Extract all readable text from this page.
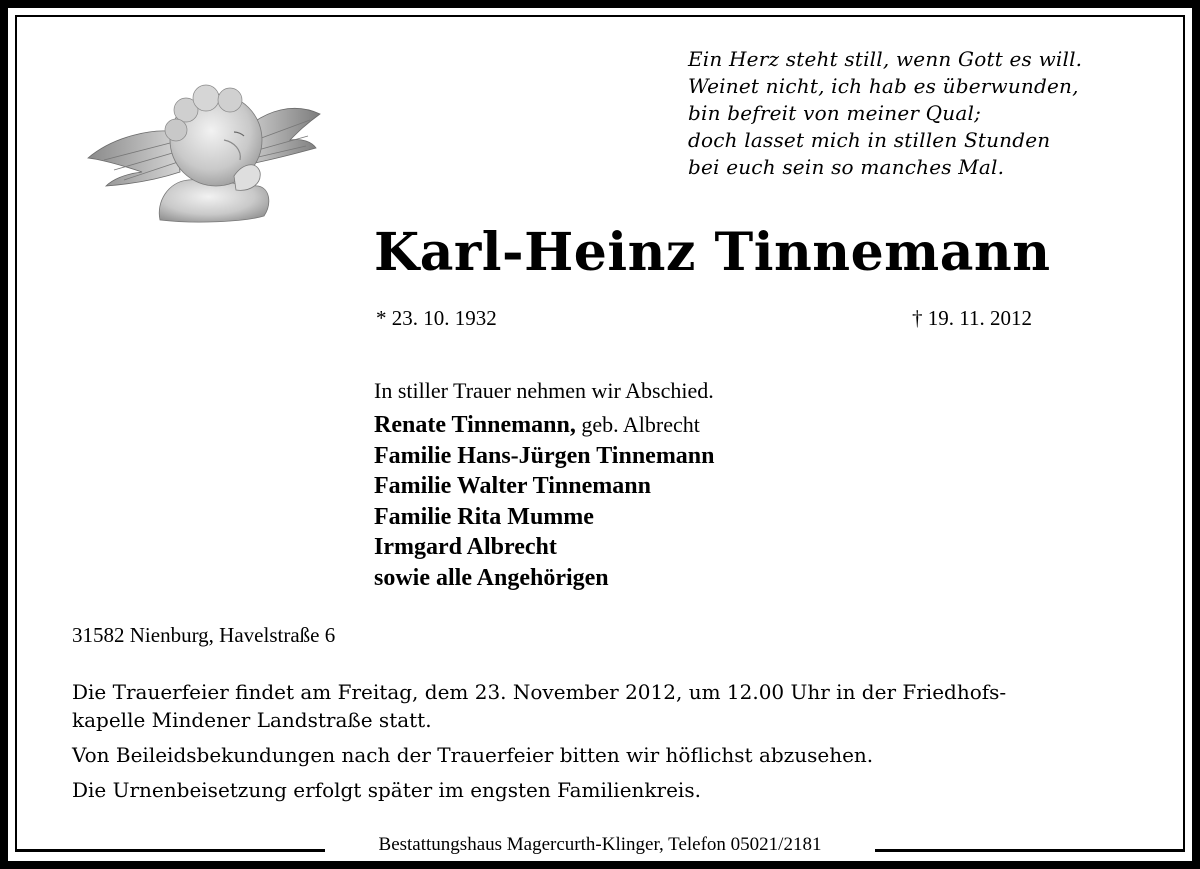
Ein Herz steht still, wenn Gott es will.
Weinet nicht, ich hab es überwunden,
bin befreit von meiner Qual;
doch lasset mich in stillen Stunden
bei euch sein so manches Mal.
Karl-Heinz Tinnemann
* 23. 10. 1932	† 19. 11. 2012
In stiller Trauer nehmen wir Abschied.
Renate Tinnemann, geb. Albrecht
Familie Hans-Jürgen Tinnemann
Familie Walter Tinnemann
Familie Rita Mumme
Irmgard Albrecht
sowie alle Angehörigen
31582 Nienburg, Havelstraße 6

Die Trauerfeier findet am Freitag, dem 23. November 2012, um 12.00 Uhr in der Friedhofs-
kapelle Mindener Landstraße statt.

Von Beileidsbekundungen nach der Trauerfeier bitten wir höflichst abzusehen.

Die Urnenbeisetzung erfolgt später im engsten Familienkreis.

Bestattungshaus Magercurth-Klinger, Telefon 05021/2181
